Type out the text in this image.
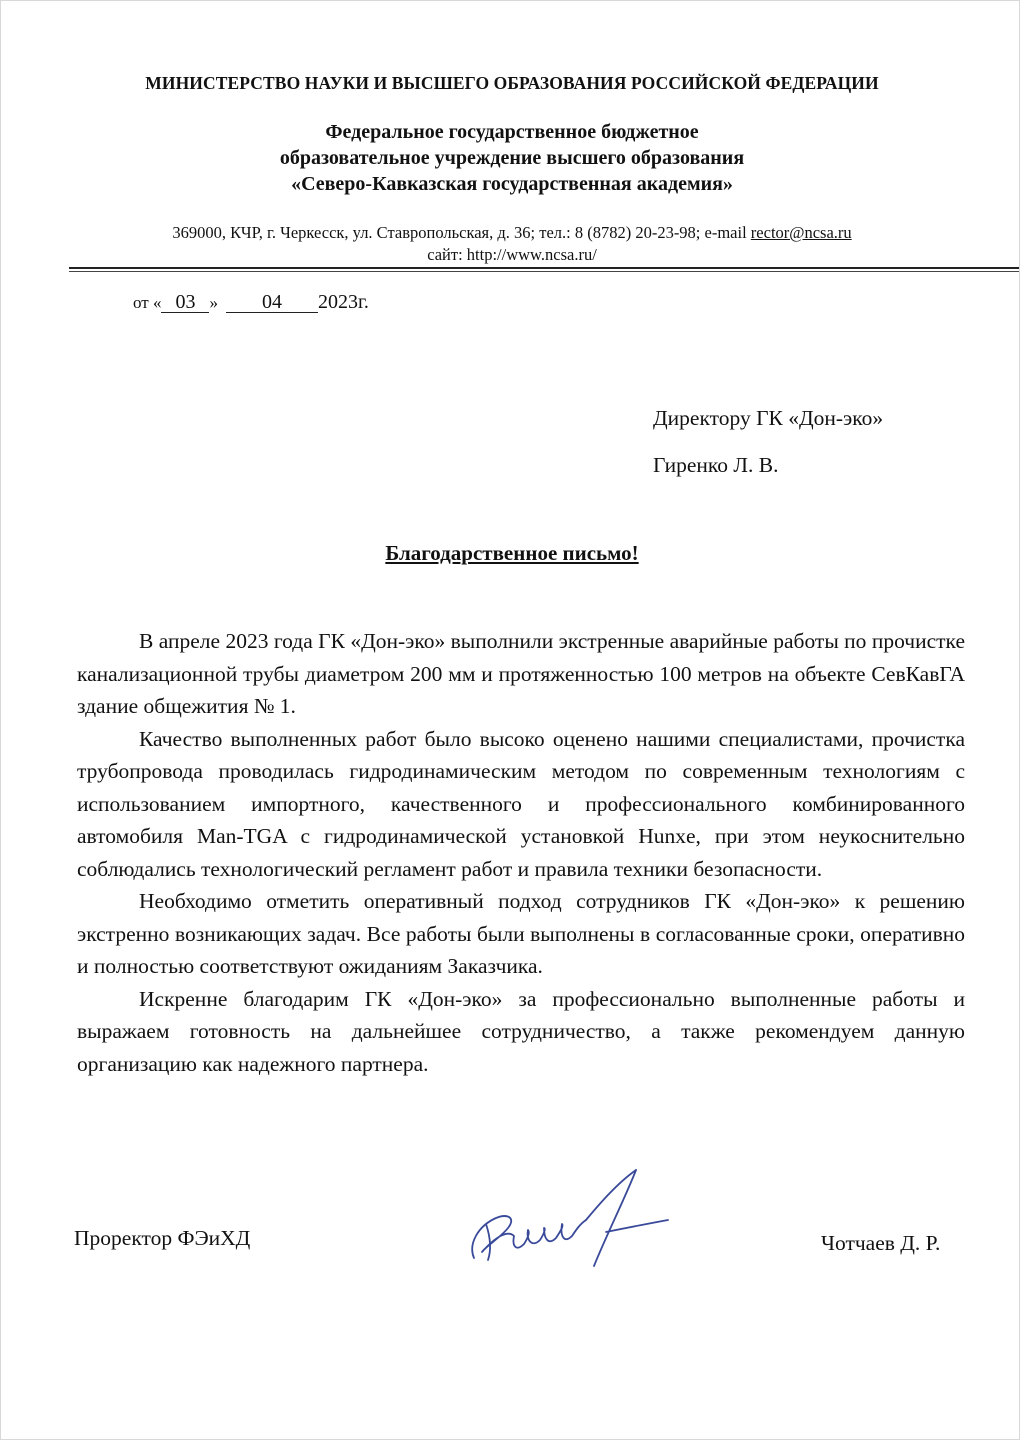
МИНИСТЕРСТВО НАУКИ И ВЫСШЕГО ОБРАЗОВАНИЯ РОССИЙСКОЙ ФЕДЕРАЦИИ
Федеральное государственное бюджетное
образовательное учреждение высшего образования
«Северо-Кавказская государственная академия»
369000, КЧР, г. Черкесск, ул. Ставропольская, д. 36; тел.: 8 (8782) 20-23-98; e-mail rector@ncsa.ru
сайт: http://www.ncsa.ru/
от « 03 » 04 2023г.
Директору ГК «Дон-эко»
Гиренко Л. В.
Благодарственное письмо!

В апреле 2023 года ГК «Дон-эко» выполнили экстренные аварийные работы по прочистке канализационной трубы диаметром 200 мм и протяженностью 100 метров на объекте СевКавГА здание общежития № 1.

Качество выполненных работ было высоко оценено нашими специалистами, прочистка трубопровода проводилась гидродинамическим методом по современным технологиям с использованием импортного, качественного и профессионального комбинированного автомобиля Man-TGA с гидродинамической установкой Hunxe, при этом неукоснительно соблюдались технологический регламент работ и правила техники безопасности.

Необходимо отметить оперативный подход сотрудников ГК «Дон-эко» к решению экстренно возникающих задач. Все работы были выполнены в согласованные сроки, оперативно и полностью соответствуют ожиданиям Заказчика.

Искренне благодарим ГК «Дон-эко» за профессионально выполненные работы и выражаем готовность на дальнейшее сотрудничество, а также рекомендуем данную организацию как надежного партнера.

Проректор ФЭиХД	Чотчаев Д. Р.
